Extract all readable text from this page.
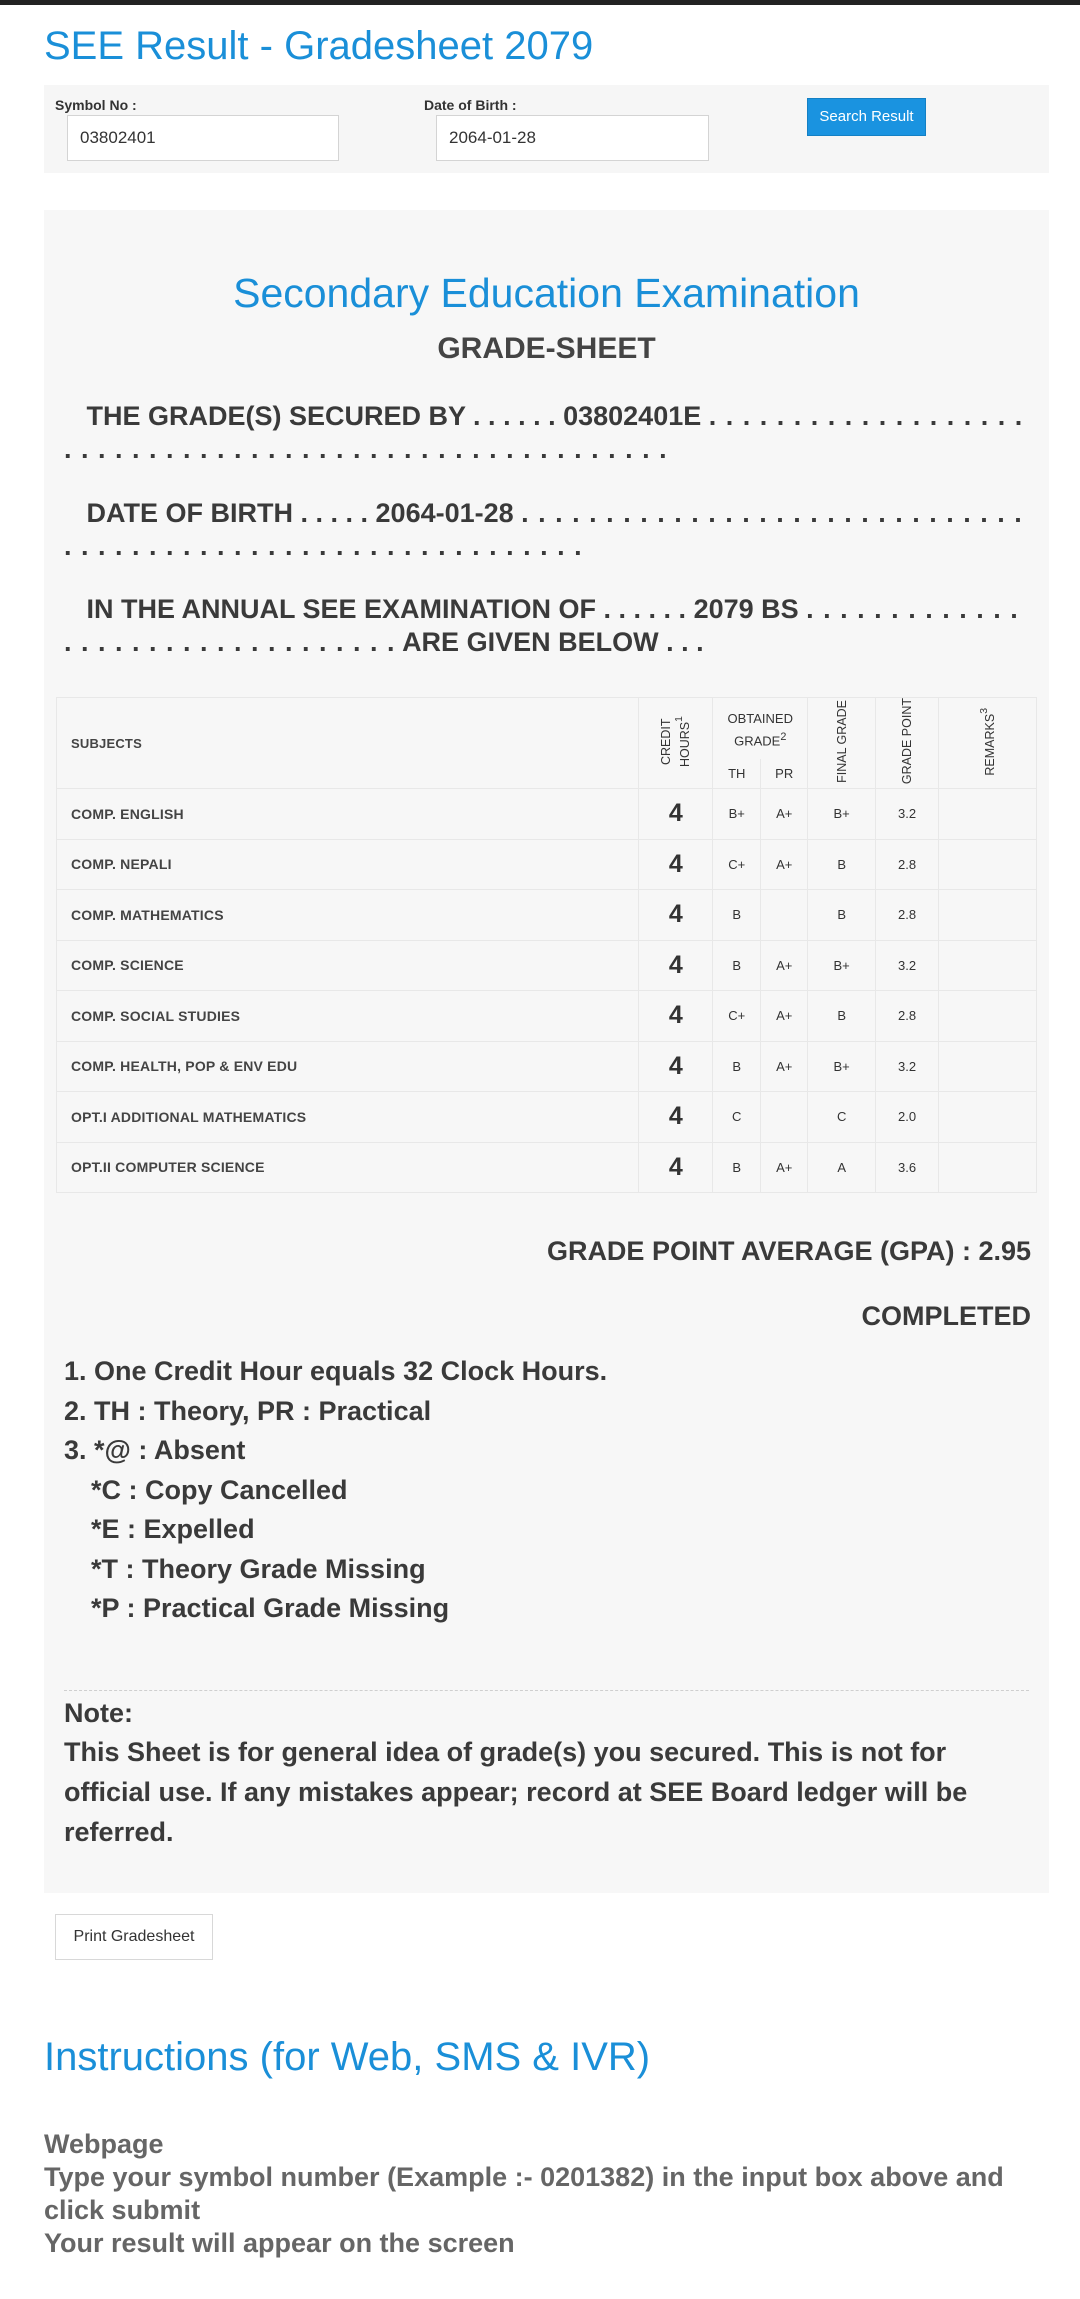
SEE Result - Gradesheet 2079
Symbol No :
03802401
Date of Birth :
2064-01-28
Search Result
Secondary Education Examination
GRADE-SHEET
THE GRADE(S) SECURED BY . . . . . . 03802401E . . . . . . . . . . . . . . . . . . . . . . . . . . . . . . . . . . . . . . . . . . . . . . . . . . . . . . .
DATE OF BIRTH . . . . . 2064-01-28 . . . . . . . . . . . . . . . . . . . . . . . . . . . . . . . . . . . . . . . . . . . . . . . . . . . . . . . . . . . . .
IN THE ANNUAL SEE EXAMINATION OF . . . . . . 2079 BS . . . . . . . . . . . . . . . . . . . . . . . . . . . . . . . . . ARE GIVEN BELOW . . .
SUBJECTS	CREDIT HOURS$^1$	OBTAINED GRADE$^2$		FINAL GRADE	GRADE POINT	REMARKS$^3$
		TH	PR			
COMP. ENGLISH	4	B+	A+	B+	3.2	
COMP. NEPALI	4	C+	A+	B	2.8	
COMP. MATHEMATICS	4	B		B	2.8	
COMP. SCIENCE	4	B	A+	B+	3.2	
COMP. SOCIAL STUDIES	4	C+	A+	B	2.8	
COMP. HEALTH, POP & ENV EDU	4	B	A+	B+	3.2	
OPT.I ADDITIONAL MATHEMATICS	4	C		C	2.0	
OPT.II COMPUTER SCIENCE	4	B	A+	A	3.6	
GRADE POINT AVERAGE (GPA) : 2.95
COMPLETED
1. One Credit Hour equals 32 Clock Hours.
2. TH : Theory, PR : Practical
3. *@ : Absent
*C : Copy Cancelled
*E : Expelled
*T : Theory Grade Missing
*P : Practical Grade Missing
Note:
This Sheet is for general idea of grade(s) you secured. This is not for official use. If any mistakes appear; record at SEE Board ledger will be referred.
Print Gradesheet
Instructions (for Web, SMS & IVR)
Webpage
Type your symbol number (Example :- 0201382) in the input box above and click submit
Your result will appear on the screen
